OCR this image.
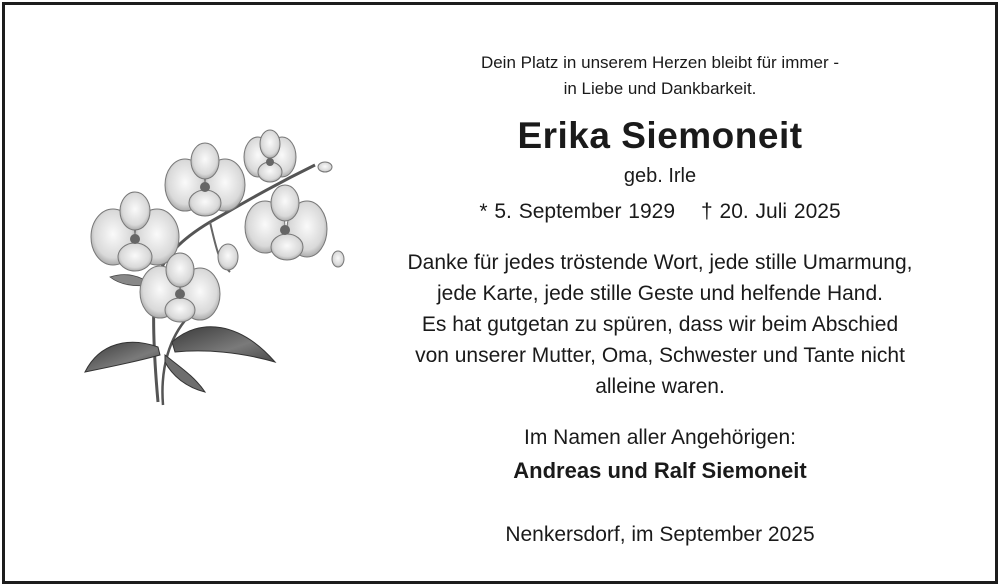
Dein Platz in unserem Herzen bleibt für immer -
in Liebe und Dankbarkeit.
Erika Siemoneit
geb. Irle
* 5. September 1929 † 20. Juli 2025
Danke für jedes tröstende Wort, jede stille Umarmung,
jede Karte, jede stille Geste und helfende Hand.
Es hat gutgetan zu spüren, dass wir beim Abschied
von unserer Mutter, Oma, Schwester und Tante nicht
alleine waren.
Im Namen aller Angehörigen:
Andreas und Ralf Siemoneit
Nenkersdorf, im September 2025
